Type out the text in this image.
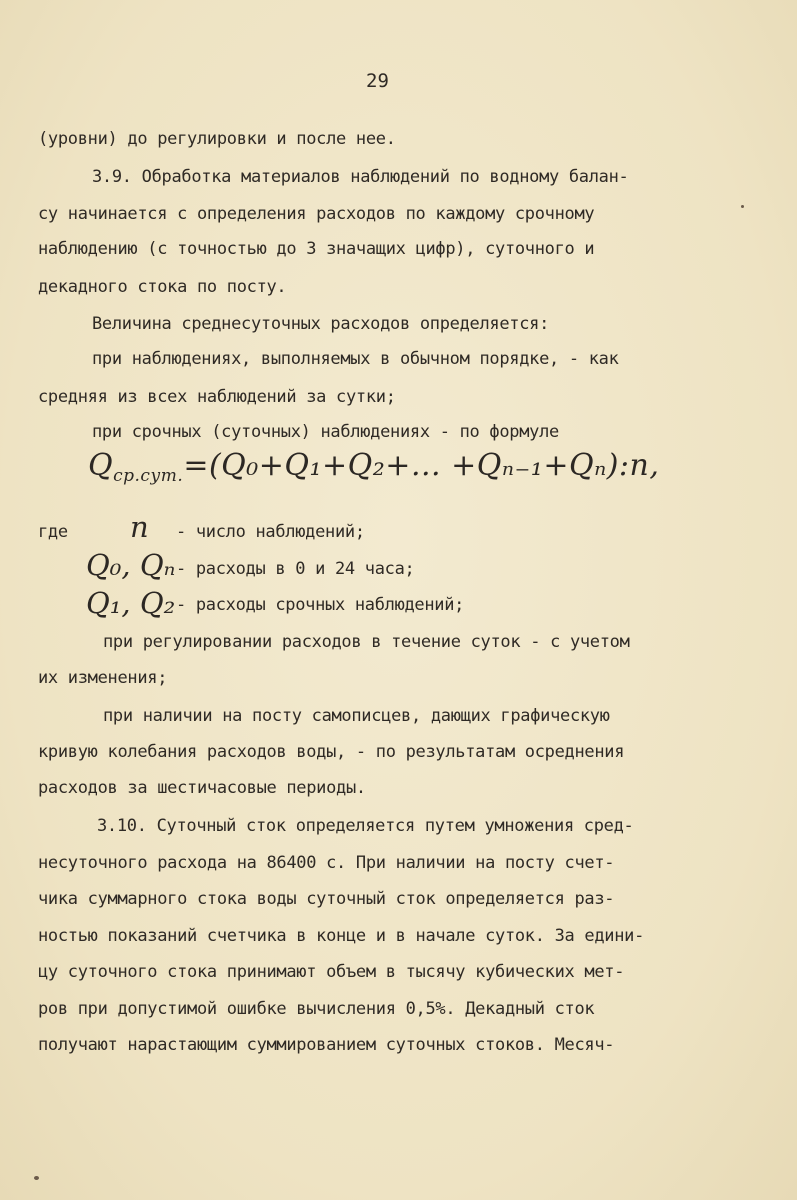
29
(уровни) до регулировки и после нее.
3.9. Обработка материалов наблюдений по водному балан-
су начинается с определения расходов по каждому срочному
наблюдению (с точностью до 3 значащих цифр), суточного и
декадного стока по посту.
Величина среднесуточных расходов определяется:
при наблюдениях, выполняемых в обычном порядке, - как
средняя из всех наблюдений за сутки;
при срочных (суточных) наблюдениях - по формуле
$Q_{ср.сут.}=(Q_0+Q_1+Q_2+$... +Qₙ₋₁+Qₙ):n,
где n - число наблюдений;
Q₀, Qₙ - расходы в 0 и 24 часа;
Q₁, Q₂ - расходы срочных наблюдений;
при регулировании расходов в течение суток - с учетом
их изменения;
при наличии на посту самописцев, дающих графическую
кривую колебания расходов воды, - по результатам осреднения
расходов за шестичасовые периоды.
3.10. Суточный сток определяется путем умножения сред-
несуточного расхода на 86400 с. При наличии на посту счет-
чика суммарного стока воды суточный сток определяется раз-
ностью показаний счетчика в конце и в начале суток. За едини-
цу суточного стока принимают объем в тысячу кубических мет-
ров при допустимой ошибке вычисления 0,5%. Декадный сток
получают нарастающим суммированием суточных стоков. Месяч-
